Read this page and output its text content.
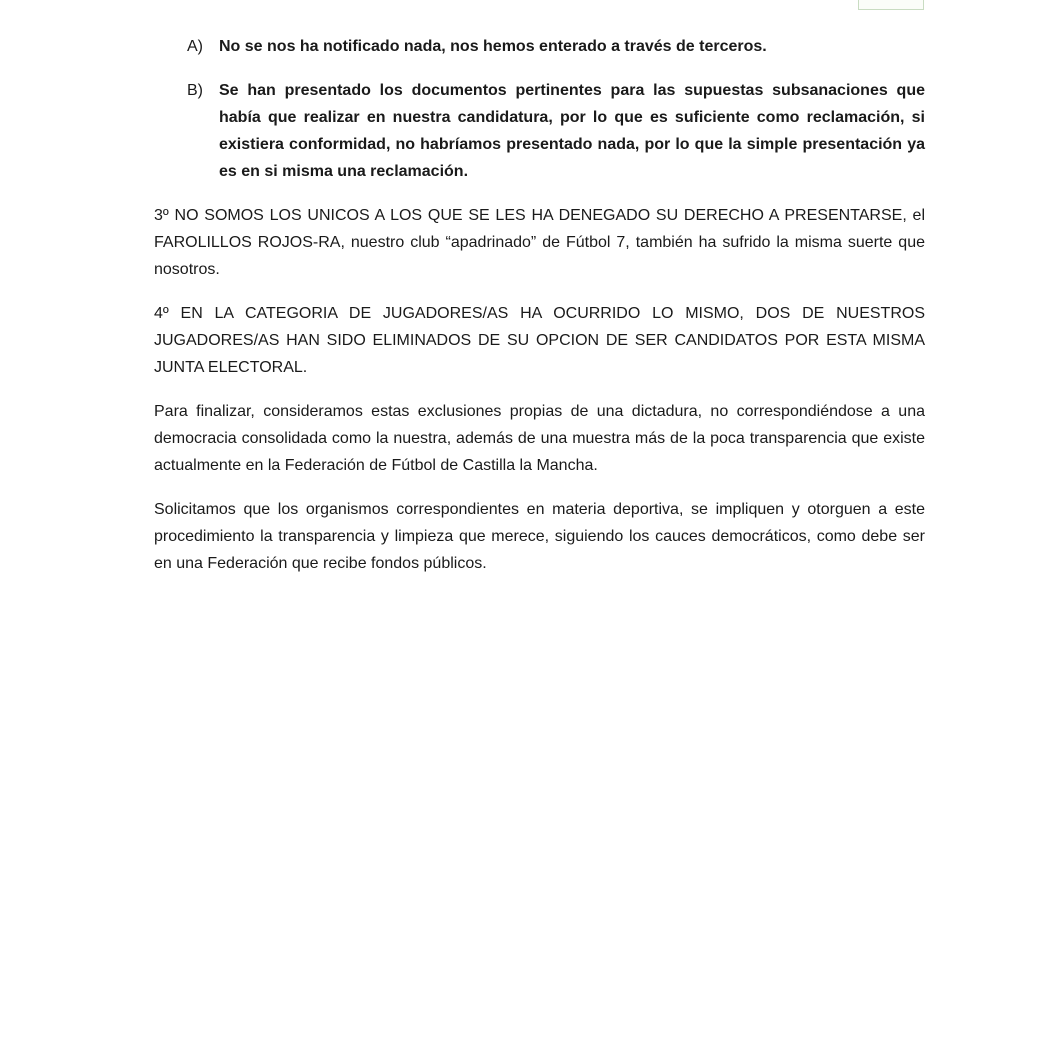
A)	No se nos ha notificado nada, nos hemos enterado a través de terceros.
B)	Se han presentado los documentos pertinentes para las supuestas subsanaciones que había que realizar en nuestra candidatura, por lo que es suficiente como reclamación, si existiera conformidad, no habríamos presentado nada, por lo que la simple presentación ya es en si misma una reclamación.

3º NO SOMOS LOS UNICOS A LOS QUE SE LES HA DENEGADO SU DERECHO A PRESENTARSE, el FAROLILLOS ROJOS-RA, nuestro club “apadrinado” de Fútbol 7, también ha sufrido la misma suerte que nosotros.

4º EN LA CATEGORIA DE JUGADORES/AS HA OCURRIDO LO MISMO, DOS DE NUESTROS JUGADORES/AS HAN SIDO ELIMINADOS DE SU OPCION DE SER CANDIDATOS POR ESTA MISMA JUNTA ELECTORAL.

Para finalizar, consideramos estas exclusiones propias de una dictadura, no correspondiéndose a una democracia consolidada como la nuestra, además de una muestra más de la poca transparencia que existe actualmente en la Federación de Fútbol de Castilla la Mancha.

Solicitamos que los organismos correspondientes en materia deportiva, se impliquen y otorguen a este procedimiento la transparencia y limpieza que merece, siguiendo los cauces democráticos, como debe ser en una Federación que recibe fondos públicos.
